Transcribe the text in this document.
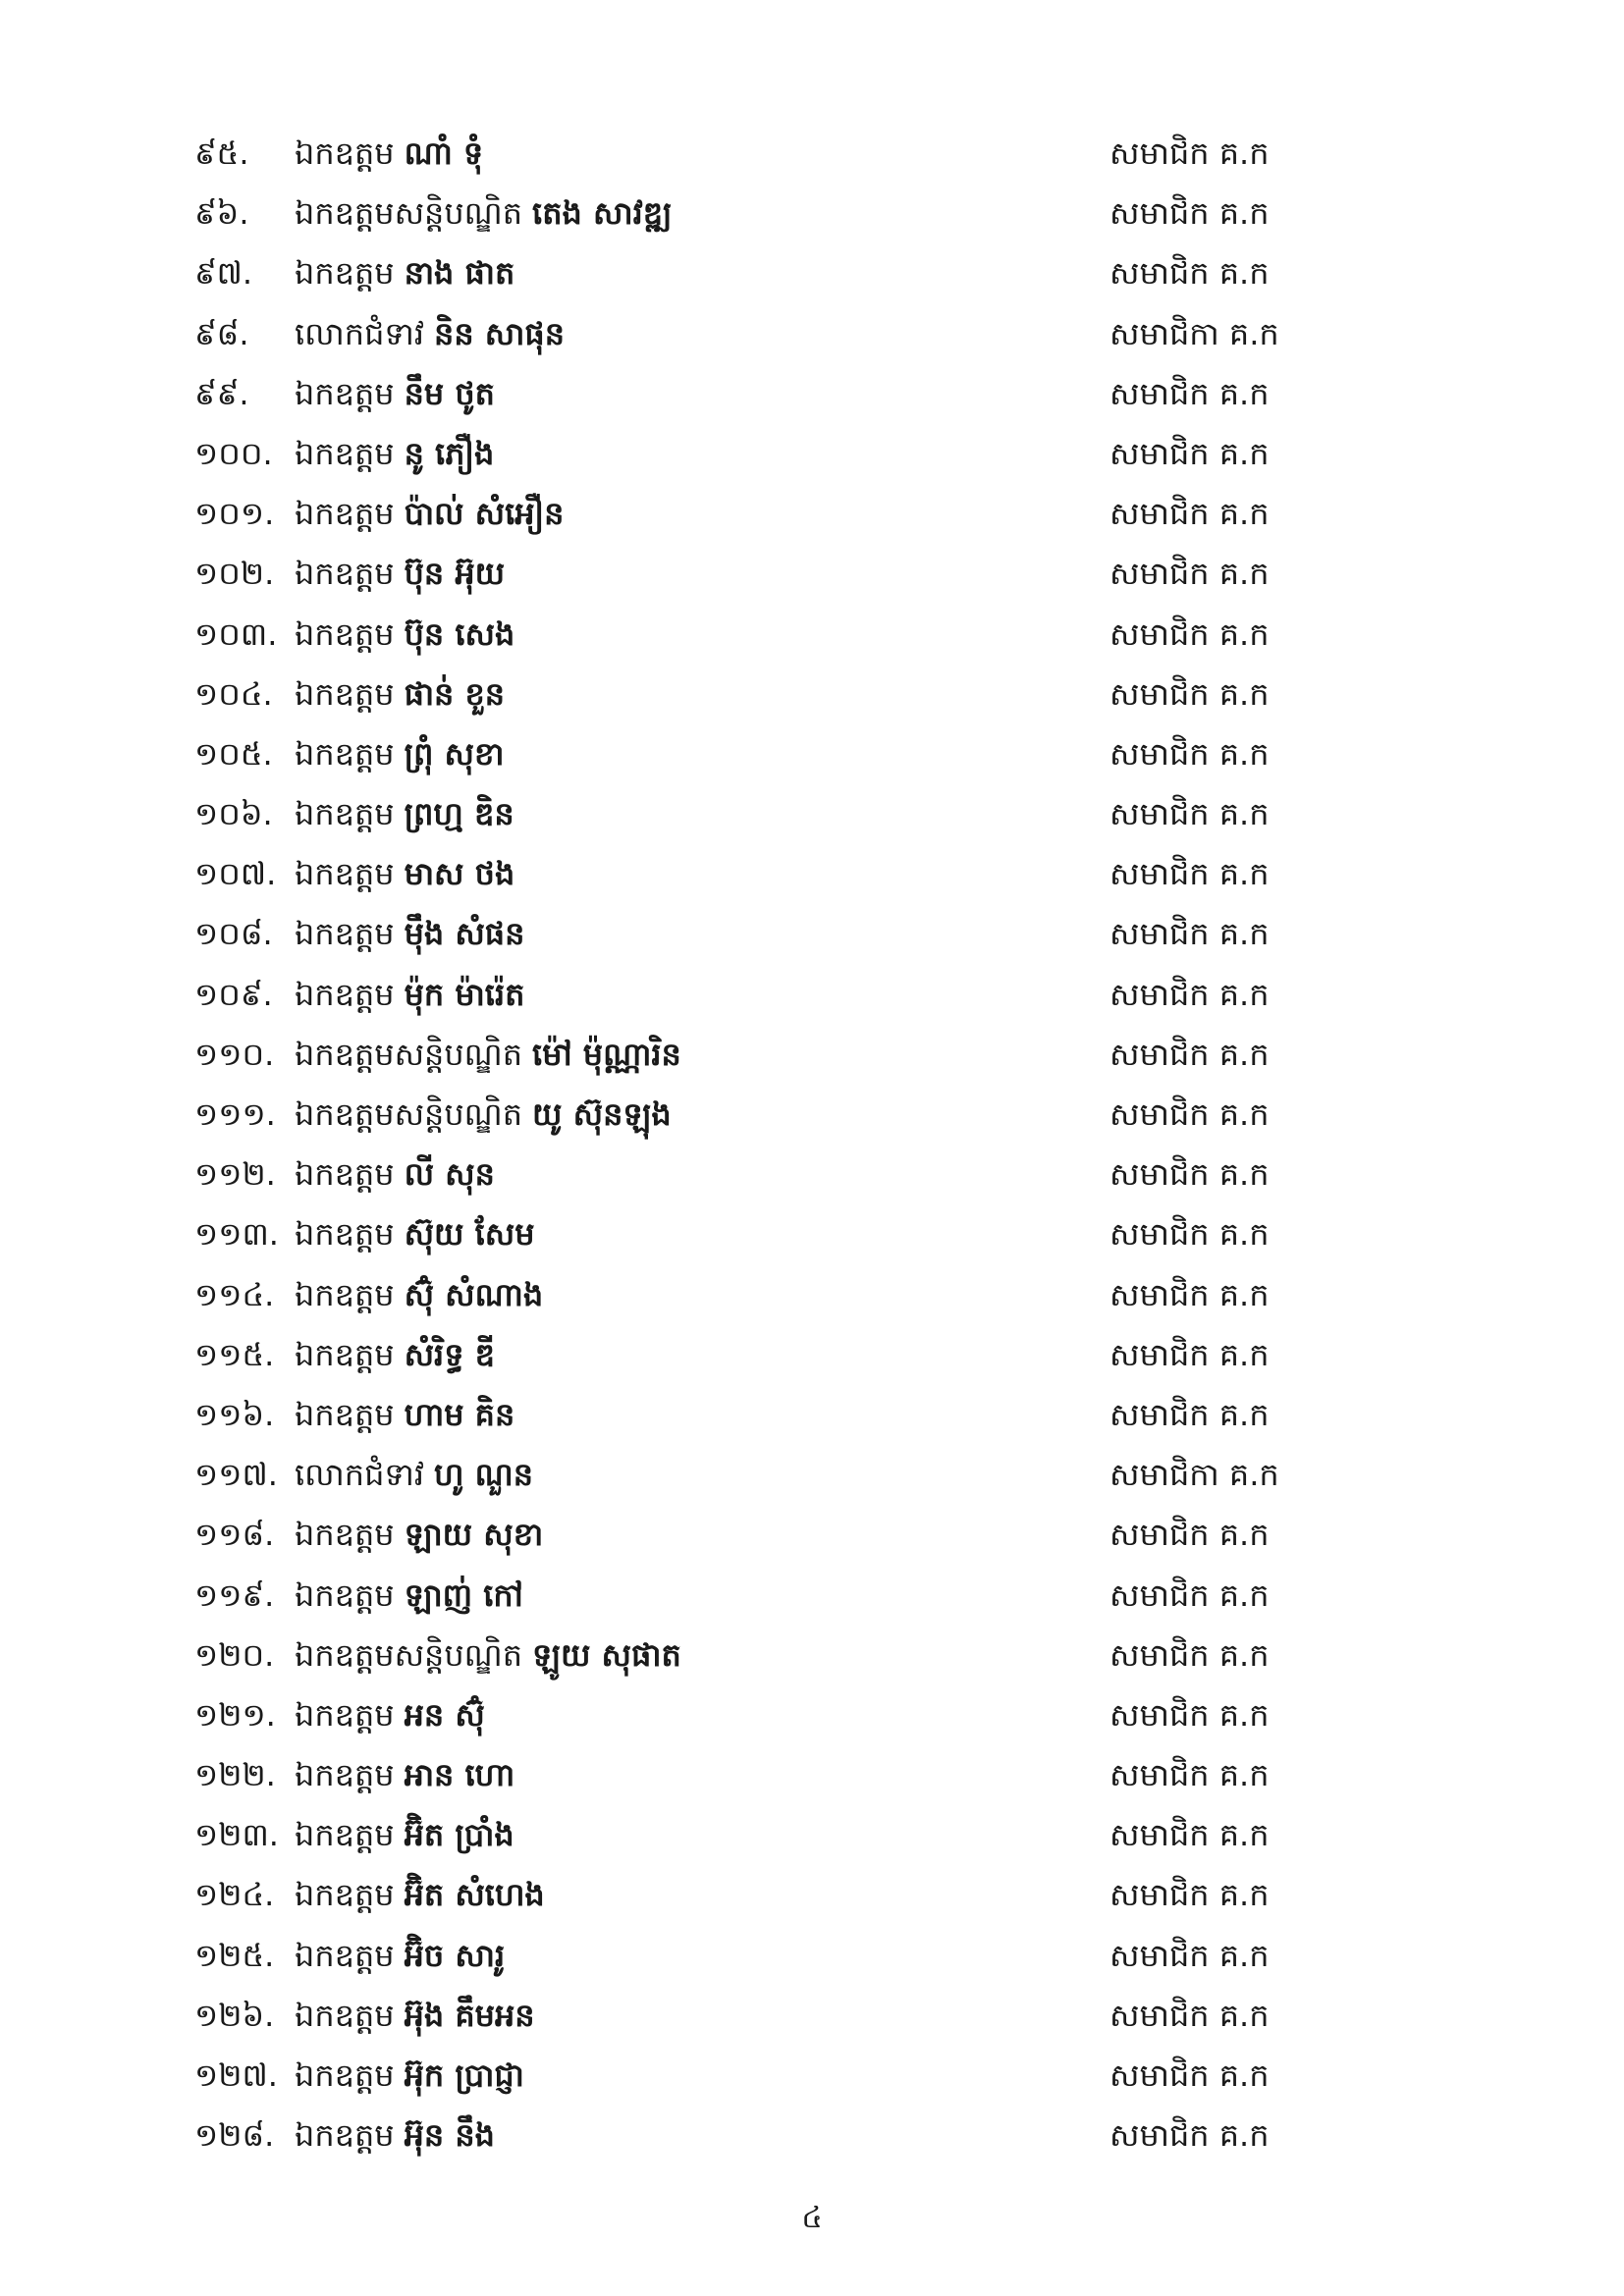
៩៥. ឯកឧត្តម ណាំ ទុំ	សមាជិក គ.ក
៩៦. ឯកឧត្តមសន្តិបណ្ឌិត តេង សាវឌ្ឍ	សមាជិក គ.ក
៩៧. ឯកឧត្តម នាង ផាត	សមាជិក គ.ក
៩៨. លោកជំទាវ និន សាផុន	សមាជិកា គ.ក
៩៩. ឯកឧត្តម នឹម ថូត	សមាជិក គ.ក
១០០. ឯកឧត្តម នូ ភឿង	សមាជិក គ.ក
១០១. ឯកឧត្តម ប៉ាល់ សំអឿន	សមាជិក គ.ក
១០២. ឯកឧត្តម ប៊ុន អ៊ុយ	សមាជិក គ.ក
១០៣. ឯកឧត្តម ប៊ុន សេង	សមាជិក គ.ក
១០៤. ឯកឧត្តម ផាន់ ខួន	សមាជិក គ.ក
១០៥. ឯកឧត្តម ព្រុំ សុខា	សមាជិក គ.ក
១០៦. ឯកឧត្តម ព្រហ្ម ឌិន	សមាជិក គ.ក
១០៧. ឯកឧត្តម មាស ថង	សមាជិក គ.ក
១០៨. ឯកឧត្តម ម៉ឹង សំផន	សមាជិក គ.ក
១០៩. ឯកឧត្តម ម៉ុក ម៉ារ៉េត	សមាជិក គ.ក
១១០. ឯកឧត្តមសន្តិបណ្ឌិត ម៉ៅ ម៉ុណ្ណារិន	សមាជិក គ.ក
១១១. ឯកឧត្តមសន្តិបណ្ឌិត យូ ស៊ុនឡុង	សមាជិក គ.ក
១១២. ឯកឧត្តម លី សុន	សមាជិក គ.ក
១១៣. ឯកឧត្តម ស៊ុយ សែម	សមាជិក គ.ក
១១៤. ឯកឧត្តម ស៊ុំ សំណាង	សមាជិក គ.ក
១១៥. ឯកឧត្តម សំរិទ្ធ ឌី	សមាជិក គ.ក
១១៦. ឯកឧត្តម ហាម គិន	សមាជិក គ.ក
១១៧. លោកជំទាវ ហូ ណួន	សមាជិកា គ.ក
១១៨. ឯកឧត្តម ឡាយ សុខា	សមាជិក គ.ក
១១៩. ឯកឧត្តម ឡាញ់ កៅ	សមាជិក គ.ក
១២០. ឯកឧត្តមសន្តិបណ្ឌិត ឡូយ សុផាត	សមាជិក គ.ក
១២១. ឯកឧត្តម អន ស៊ុំ	សមាជិក គ.ក
១២២. ឯកឧត្តម អាន ហោ	សមាជិក គ.ក
១២៣. ឯកឧត្តម អ៊ិត ប្រាំង	សមាជិក គ.ក
១២៤. ឯកឧត្តម អ៊ិត សំហេង	សមាជិក គ.ក
១២៥. ឯកឧត្តម អ៊ិច សារូ	សមាជិក គ.ក
១២៦. ឯកឧត្តម អ៊ុង គឹមអន	សមាជិក គ.ក
១២៧. ឯកឧត្តម អ៊ុក ប្រាជ្ញា	សមាជិក គ.ក
១២៨. ឯកឧត្តម អ៊ុន នឹង	សមាជិក គ.ក
៤
